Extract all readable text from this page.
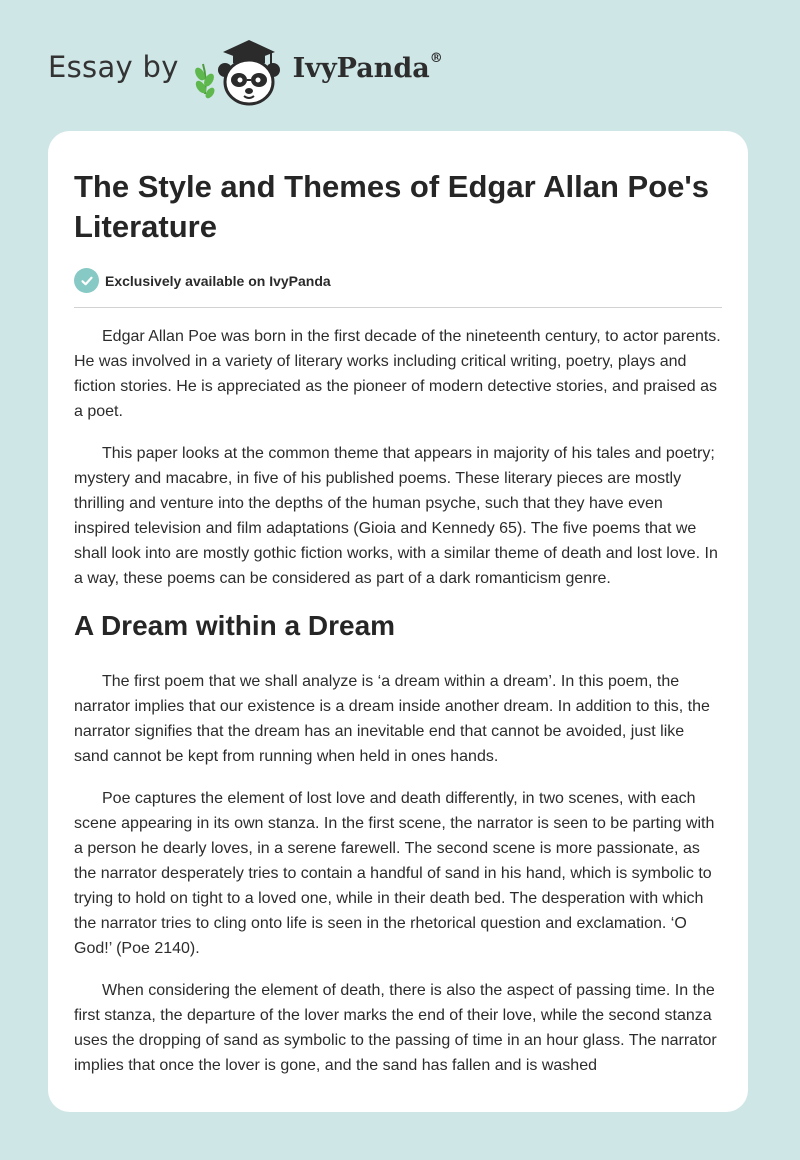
Essay by	IvyPanda®
The Style and Themes of Edgar Allan Poe's Literature
Exclusively available on IvyPanda

Edgar Allan Poe was born in the first decade of the nineteenth century, to actor parents. He was involved in a variety of literary works including critical writing, poetry, plays and fiction stories. He is appreciated as the pioneer of modern detective stories, and praised as a poet.

This paper looks at the common theme that appears in majority of his tales and poetry; mystery and macabre, in five of his published poems. These literary pieces are mostly thrilling and venture into the depths of the human psyche, such that they have even inspired television and film adaptations (Gioia and Kennedy 65). The five poems that we shall look into are mostly gothic fiction works, with a similar theme of death and lost love. In a way, these poems can be considered as part of a dark romanticism genre.

A Dream within a Dream

The first poem that we shall analyze is ‘a dream within a dream’. In this poem, the narrator implies that our existence is a dream inside another dream. In addition to this, the narrator signifies that the dream has an inevitable end that cannot be avoided, just like sand cannot be kept from running when held in ones hands.

Poe captures the element of lost love and death differently, in two scenes, with each scene appearing in its own stanza. In the first scene, the narrator is seen to be parting with a person he dearly loves, in a serene farewell. The second scene is more passionate, as the narrator desperately tries to contain a handful of sand in his hand, which is symbolic to trying to hold on tight to a loved one, while in their death bed. The desperation with which the narrator tries to cling onto life is seen in the rhetorical question and exclamation. ‘O God!’ (Poe 2140).

When considering the element of death, there is also the aspect of passing time. In the first stanza, the departure of the lover marks the end of their love, while the second stanza uses the dropping of sand as symbolic to the passing of time in an hour glass. The narrator implies that once the lover is gone, and the sand has fallen and is washed
